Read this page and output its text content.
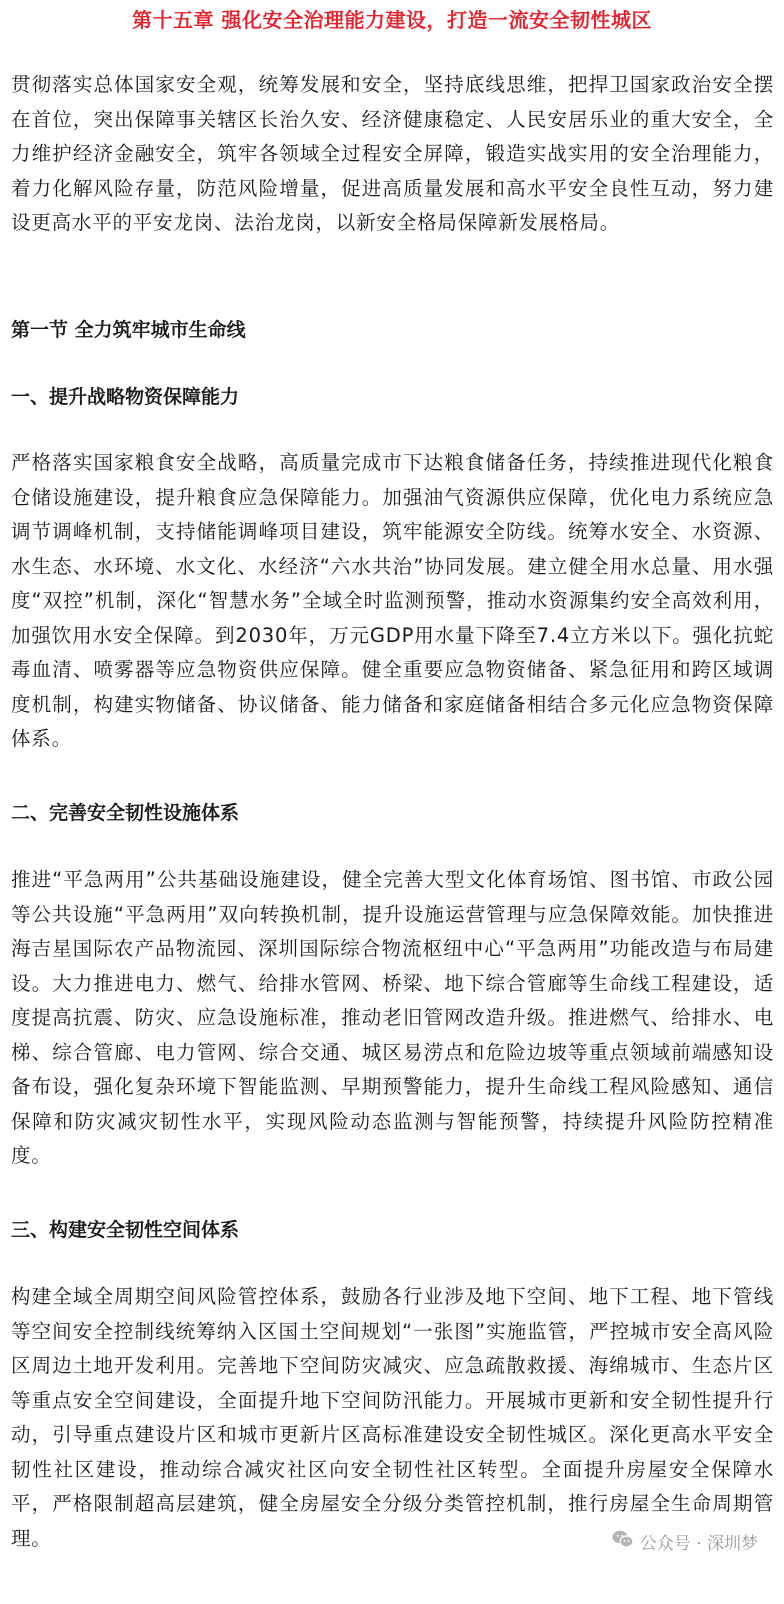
第十五章 强化安全治理能力建设，打造一流安全韧性城区

贯彻落实总体国家安全观，统筹发展和安全，坚持底线思维，把捍卫国家政治安全摆在首位，突出保障事关辖区长治久安、经济健康稳定、人民安居乐业的重大安全，全力维护经济金融安全，筑牢各领域全过程安全屏障，锻造实战实用的安全治理能力，着力化解风险存量，防范风险增量，促进高质量发展和高水平安全良性互动，努力建设更高水平的平安龙岗、法治龙岗，以新安全格局保障新发展格局。

第一节 全力筑牢城市生命线
一、提升战略物资保障能力

严格落实国家粮食安全战略，高质量完成市下达粮食储备任务，持续推进现代化粮食仓储设施建设，提升粮食应急保障能力。加强油气资源供应保障，优化电力系统应急调节调峰机制，支持储能调峰项目建设，筑牢能源安全防线。统筹水安全、水资源、水生态、水环境、水文化、水经济“六水共治”协同发展。建立健全用水总量、用水强度“双控”机制，深化“智慧水务”全域全时监测预警，推动水资源集约安全高效利用，加强饮用水安全保障。到2030年，万元GDP用水量下降至7.4立方米以下。强化抗蛇毒血清、喷雾器等应急物资供应保障。健全重要应急物资储备、紧急征用和跨区域调度机制，构建实物储备、协议储备、能力储备和家庭储备相结合多元化应急物资保障体系。

二、完善安全韧性设施体系

推进“平急两用”公共基础设施建设，健全完善大型文化体育场馆、图书馆、市政公园等公共设施“平急两用”双向转换机制，提升设施运营管理与应急保障效能。加快推进海吉星国际农产品物流园、深圳国际综合物流枢纽中心“平急两用”功能改造与布局建设。大力推进电力、燃气、给排水管网、桥梁、地下综合管廊等生命线工程建设，适度提高抗震、防灾、应急设施标准，推动老旧管网改造升级。推进燃气、给排水、电梯、综合管廊、电力管网、综合交通、城区易涝点和危险边坡等重点领域前端感知设备布设，强化复杂环境下智能监测、早期预警能力，提升生命线工程风险感知、通信保障和防灾减灾韧性水平，实现风险动态监测与智能预警，持续提升风险防控精准度。

三、构建安全韧性空间体系

构建全域全周期空间风险管控体系，鼓励各行业涉及地下空间、地下工程、地下管线等空间安全控制线统筹纳入区国土空间规划“一张图”实施监管，严控城市安全高风险区周边土地开发利用。完善地下空间防灾减灾、应急疏散救援、海绵城市、生态片区等重点安全空间建设，全面提升地下空间防汛能力。开展城市更新和安全韧性提升行动，引导重点建设片区和城市更新片区高标准建设安全韧性城区。深化更高水平安全韧性社区建设，推动综合减灾社区向安全韧性社区转型。全面提升房屋安全保障水平，严格限制超高层建筑，健全房屋安全分级分类管控机制，推行房屋全生命周期管理。	公众号 · 深圳梦
